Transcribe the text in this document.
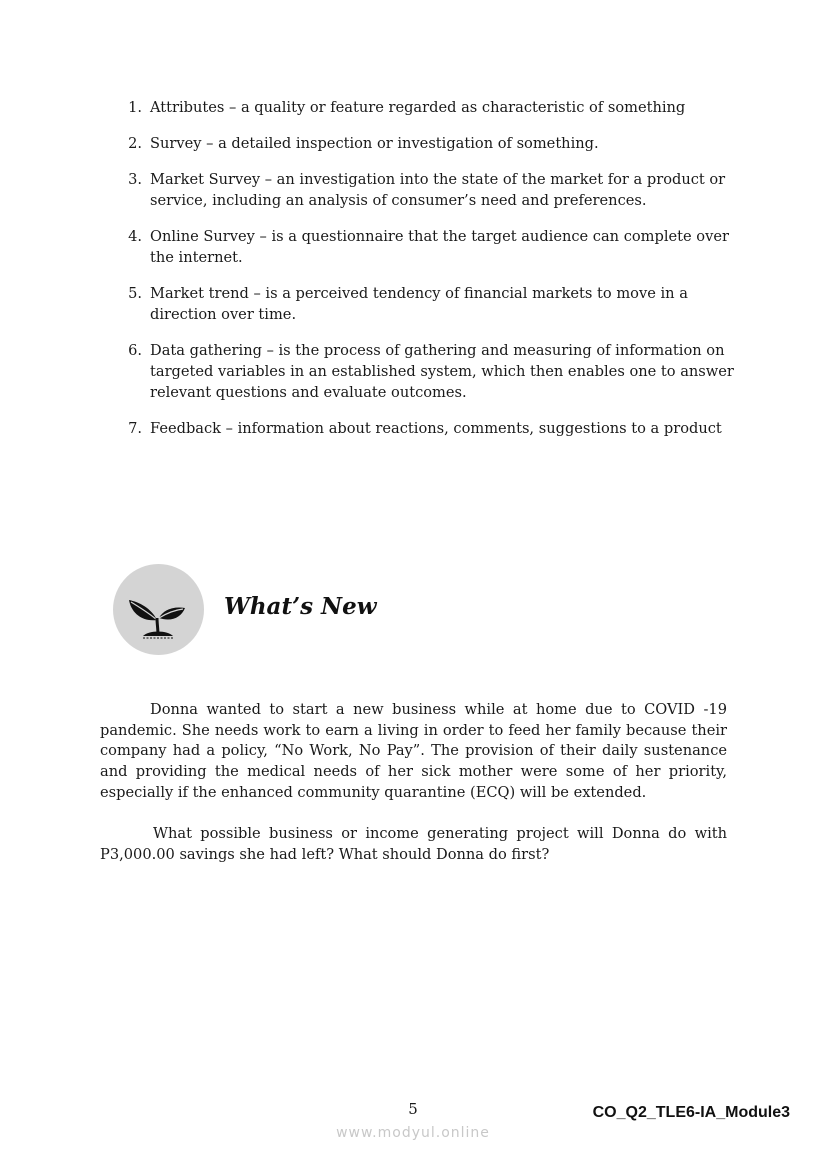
1. Attributes – a quality or feature regarded as characteristic of something
2. Survey – a detailed inspection or investigation of something.
3. Market Survey – an investigation into the state of the market for a product or service, including an analysis of consumer’s need and preferences.
4. Online Survey – is a questionnaire that the target audience can complete over the internet.
5. Market trend – is a perceived tendency of financial markets to move in a direction over time.
6. Data gathering – is the process of gathering and measuring of information on targeted variables in an established system, which then enables one to answer relevant questions and evaluate outcomes.
7. Feedback – information about reactions, comments, suggestions to a product
What’s New

Donna wanted to start a new business while at home due to COVID -19 pandemic. She needs work to earn a living in order to feed her family because their company had a policy, “No Work, No Pay”. The provision of their daily sustenance and providing the medical needs of her sick mother were some of her priority, especially if the enhanced community quarantine (ECQ) will be extended.

What possible business or income generating project will Donna do with P3,000.00 savings she had left? What should Donna do first?

5	CO_Q2_TLE6-IA_Module3
www.modyul.online
